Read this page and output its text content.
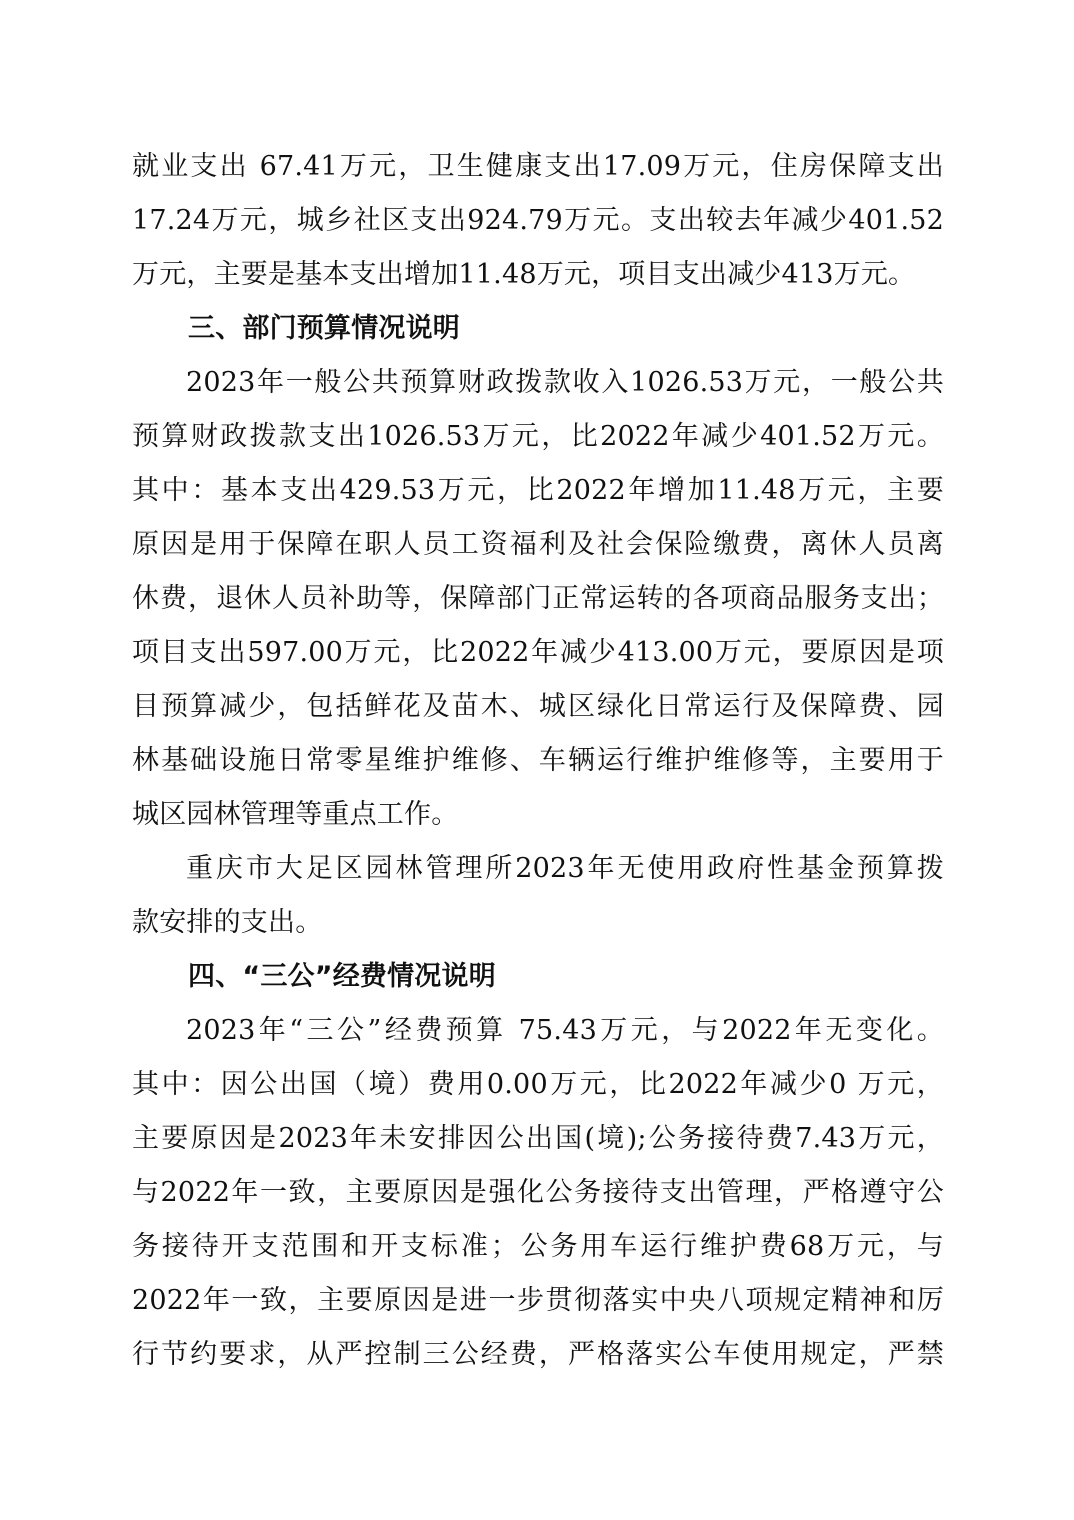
就业支出 67.41万元，卫生健康支出17.09万元，住房保障支出
17.24万元，城乡社区支出924.79万元。支出较去年减少401.52
万元，主要是基本支出增加11.48万元，项目支出减少413万元。
三、部门预算情况说明
2023年一般公共预算财政拨款收入1026.53万元，一般公共
预算财政拨款支出1026.53万元，比2022年减少401.52万元。
其中：基本支出429.53万元，比2022年增加11.48万元，主要
原因是用于保障在职人员工资福利及社会保险缴费，离休人员离
休费，退休人员补助等，保障部门正常运转的各项商品服务支出；
项目支出597.00万元，比2022年减少413.00万元，要原因是项
目预算减少，包括鲜花及苗木、城区绿化日常运行及保障费、园
林基础设施日常零星维护维修、车辆运行维护维修等，主要用于
城区园林管理等重点工作。
重庆市大足区园林管理所2023年无使用政府性基金预算拨
款安排的支出。
四、“三公”经费情况说明
2023年“三公”经费预算 75.43万元，与2022年无变化。
其中：因公出国（境）费用0.00万元，比2022年减少0 万元，
主要原因是2023年未安排因公出国(境);公务接待费7.43万元，
与2022年一致，主要原因是强化公务接待支出管理，严格遵守公
务接待开支范围和开支标准；公务用车运行维护费68万元，与
2022年一致，主要原因是进一步贯彻落实中央八项规定精神和厉
行节约要求，从严控制三公经费，严格落实公车使用规定，严禁
